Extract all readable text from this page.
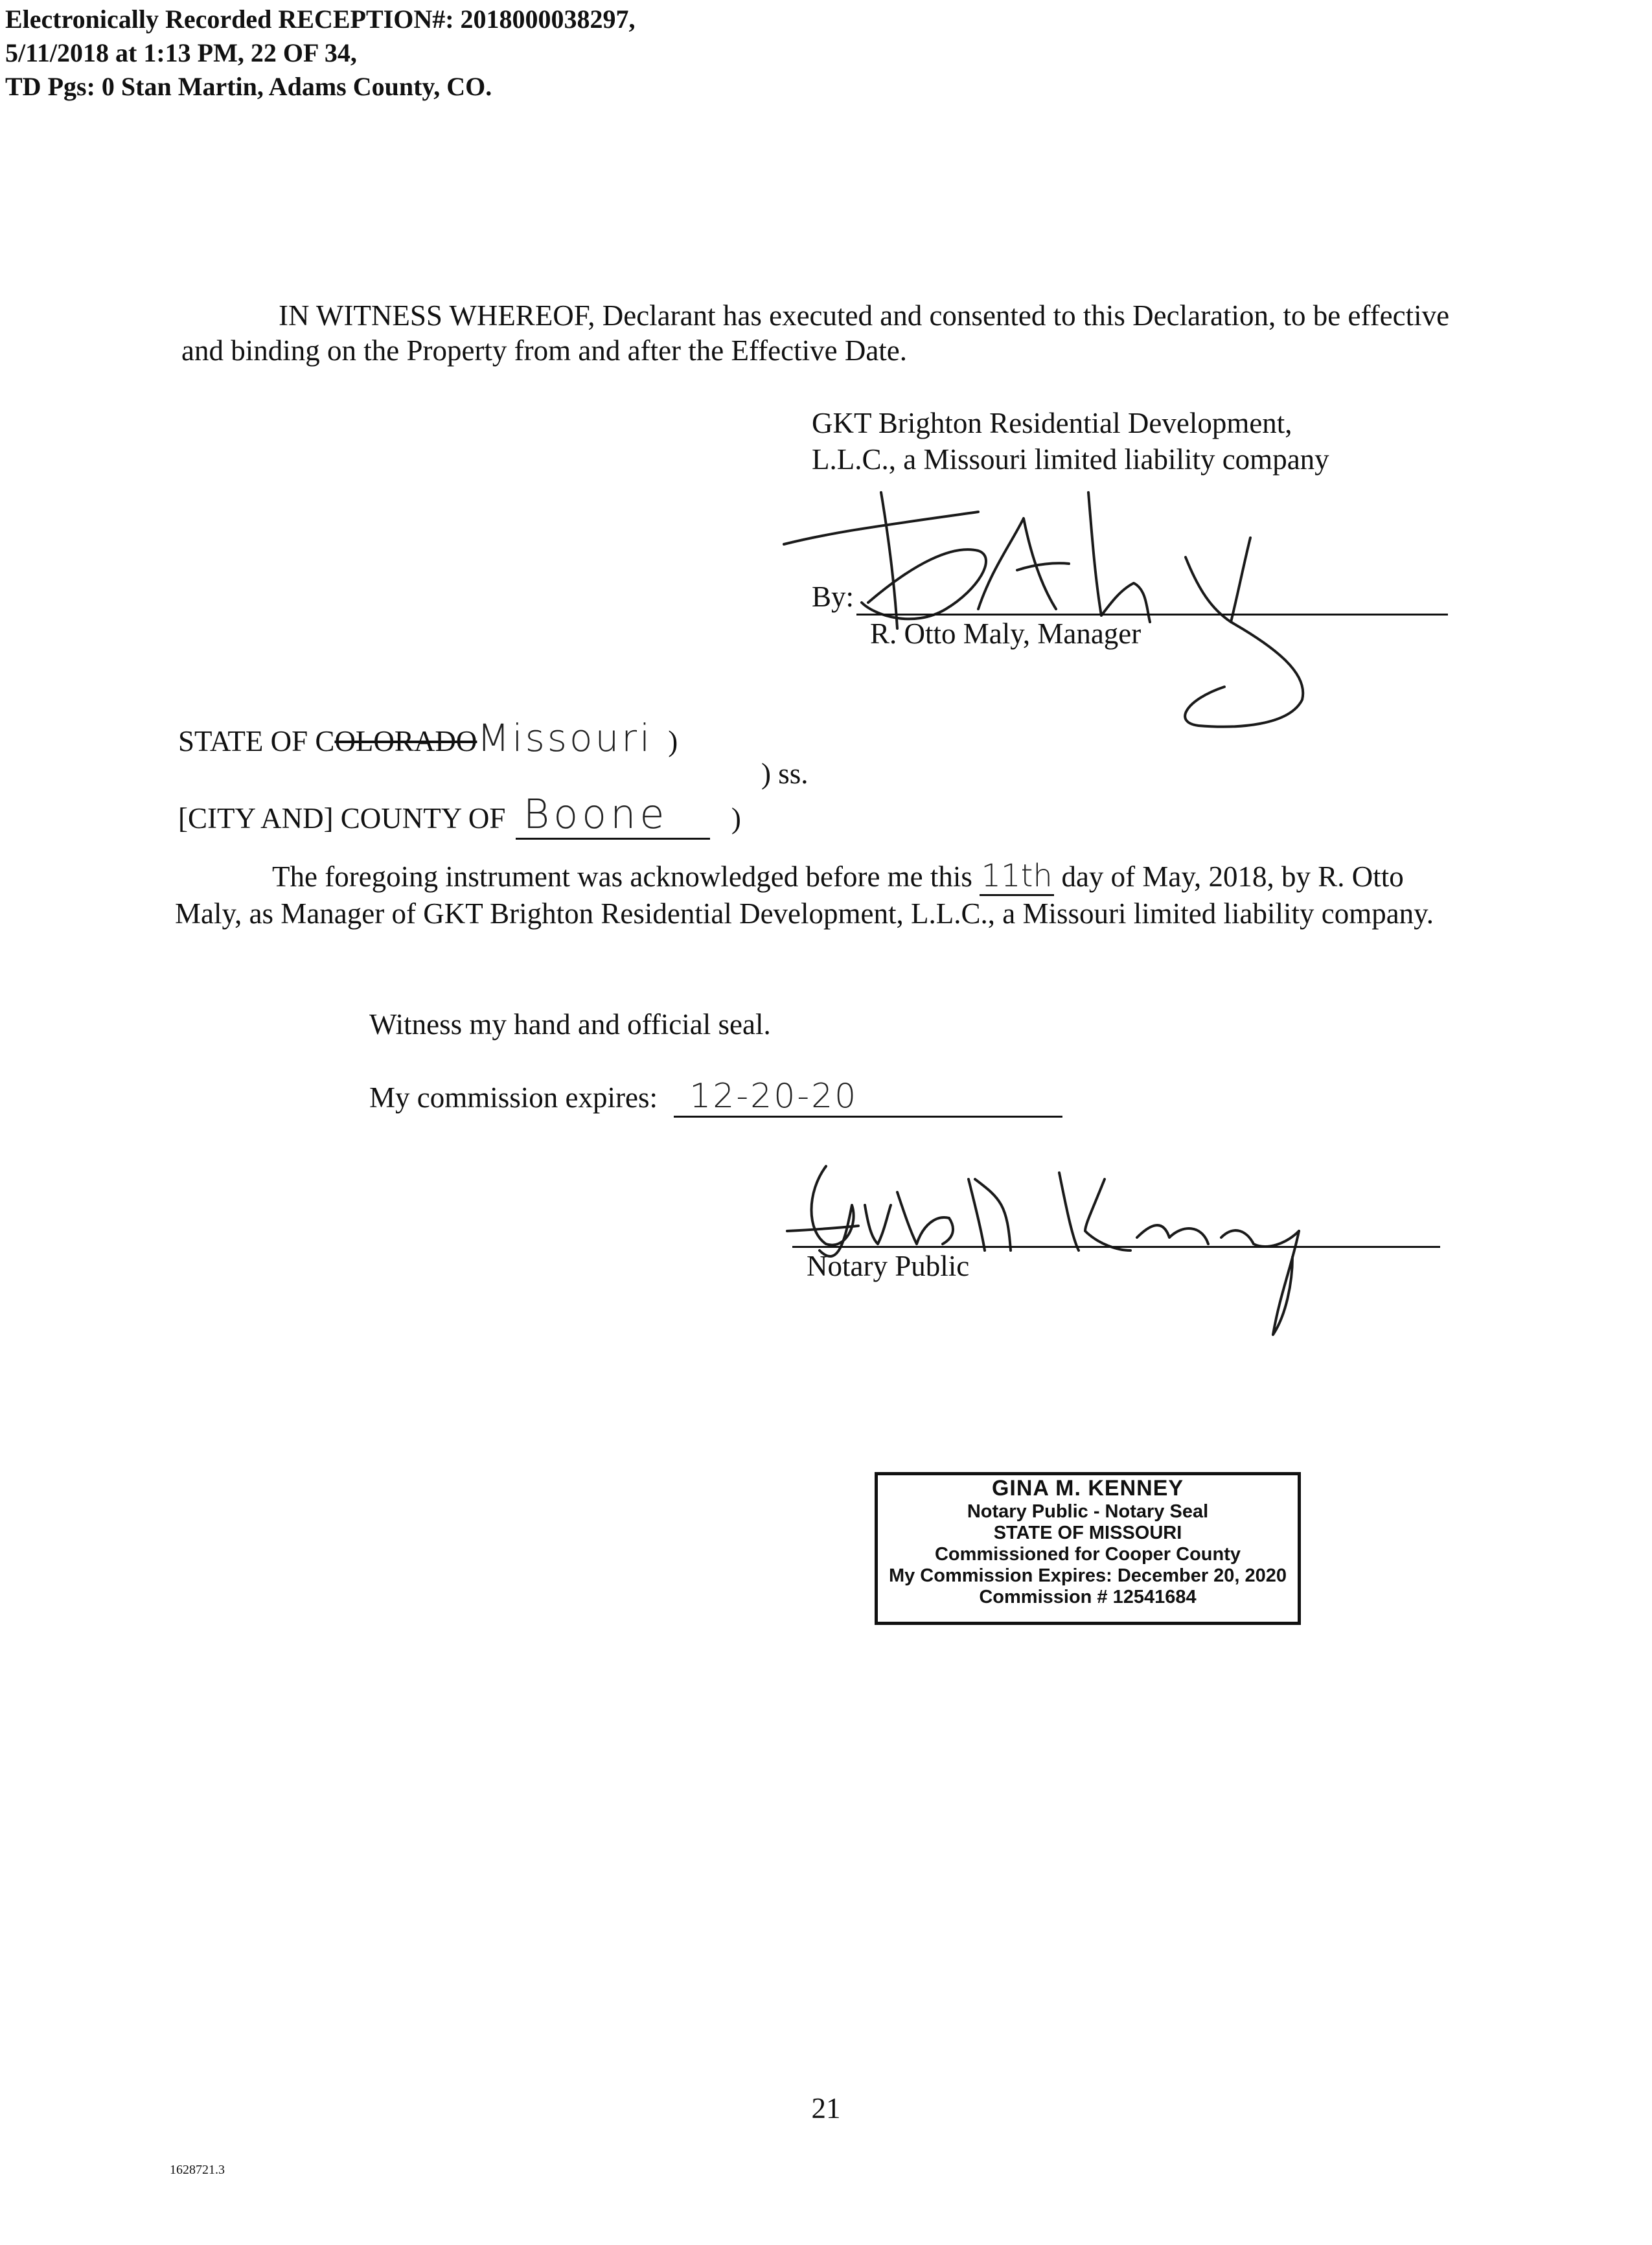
Electronically Recorded RECEPTION#: 2018000038297,
5/11/2018 at 1:13 PM, 22 OF 34,
TD Pgs: 0 Stan Martin, Adams County, CO.
IN WITNESS WHEREOF, Declarant has executed and consented to this Declaration, to be effective and binding on the Property from and after the Effective Date.
GKT Brighton Residential Development,
L.L.C., a Missouri limited liability company
By:
R. Otto Maly, Manager
STATE OF COLORADOMissouri )
) ss.
[CITY AND] COUNTY OF Boone )
The foregoing instrument was acknowledged before me this 11th day of May, 2018, by R. Otto Maly, as Manager of GKT Brighton Residential Development, L.L.C., a Missouri limited liability company.
Witness my hand and official seal.
My commission expires: 12-20-20
Notary Public
GINA M. KENNEY
Notary Public - Notary Seal
STATE OF MISSOURI
Commissioned for Cooper County
My Commission Expires: December 20, 2020
Commission # 12541684
21
1628721.3
